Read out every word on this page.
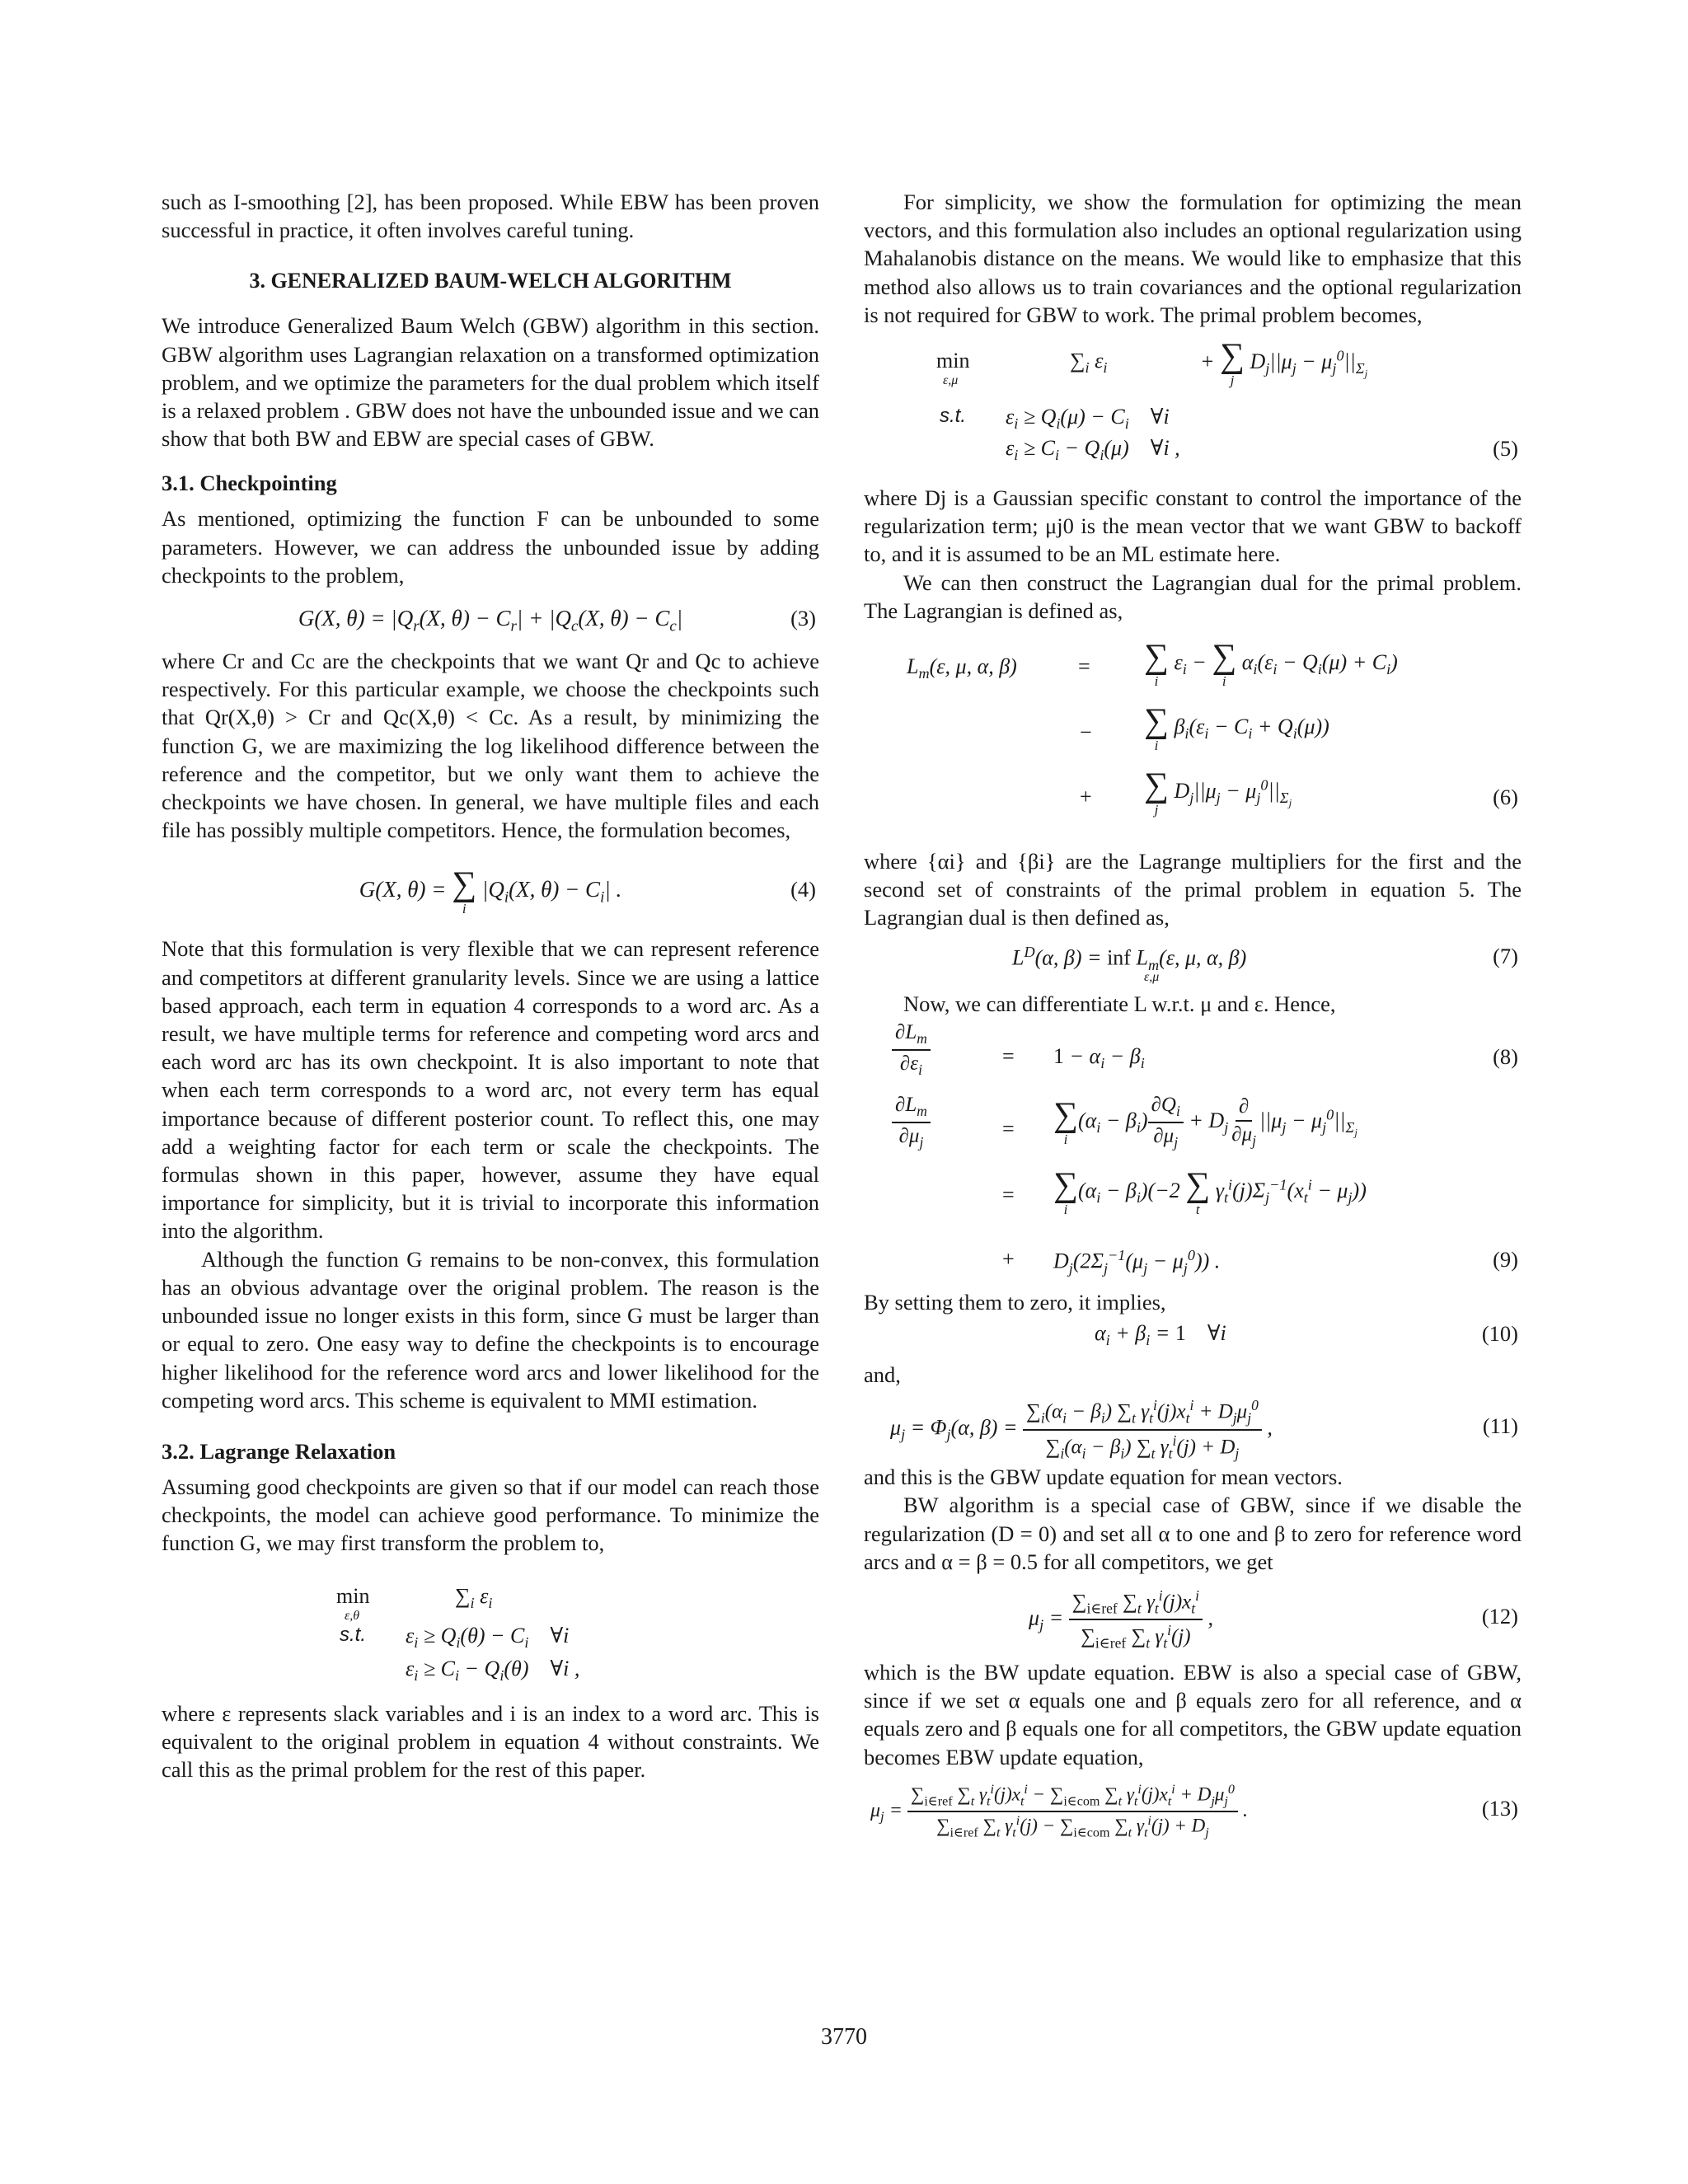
such as I-smoothing [2], has been proposed. While EBW has been proven successful in practice, it often involves careful tuning.

3. GENERALIZED BAUM-WELCH ALGORITHM

We introduce Generalized Baum Welch (GBW) algorithm in this section. GBW algorithm uses Lagrangian relaxation on a transformed optimization problem, and we optimize the parameters for the dual problem which itself is a relaxed problem . GBW does not have the unbounded issue and we can show that both BW and EBW are special cases of GBW.

3.1. Checkpointing

As mentioned, optimizing the function F can be unbounded to some parameters. However, we can address the unbounded issue by adding checkpoints to the problem,

G(X, $\theta) = |Q_r(X$, $\theta) - C_r| + |Q_c(X$, $\theta) - C_c|$	(3)

where Cr and Cc are the checkpoints that we want Qr and Qc to achieve respectively. For this particular example, we choose the checkpoints such that Qr(X,θ) > Cr and Qc(X,θ) < Cc. As a result, by minimizing the function G, we are maximizing the log likelihood difference between the reference and the competitor, but we only want them to achieve the checkpoints we have chosen. In general, we have multiple files and each file has possibly multiple competitors. Hence, the formulation becomes,

G(X, θ) = ∑
i
$|Q_i(X$, $\theta) - C_i|$ .	(4)

Note that this formulation is very flexible that we can represent reference and competitors at different granularity levels. Since we are using a lattice based approach, each term in equation 4 corresponds to a word arc. As a result, we have multiple terms for reference and competing word arcs and each word arc has its own checkpoint. It is also important to note that when each term corresponds to a word arc, not every term has equal importance because of different posterior count. To reflect this, one may add a weighting factor for each term or scale the checkpoints. The formulas shown in this paper, however, assume they have equal importance for simplicity, but it is trivial to incorporate this information into the algorithm.

Although the function G remains to be non-convex, this formulation has an obvious advantage over the original problem. The reason is the unbounded issue no longer exists in this form, since G must be larger than or equal to zero. One easy way to define the checkpoints is to encourage higher likelihood for the reference word arcs and lower likelihood for the competing word arcs. This scheme is equivalent to MMI estimation.

3.2. Lagrange Relaxation

Assuming good checkpoints are given so that if our model can reach those checkpoints, the model can achieve good performance. To minimize the function G, we may first transform the problem to,

min
ε,θ
$\sum_i$ $\varepsilon_i$
s.t. $\varepsilon_i \ge Q_i(\theta) - C_i$    ∀i
$\varepsilon_i \ge C_i - Q_i(\theta)$    ∀i ,

where ε represents slack variables and i is an index to a word arc. This is equivalent to the original problem in equation 4 without constraints. We call this as the primal problem for the rest of this paper.

For simplicity, we show the formulation for optimizing the mean vectors, and this formulation also includes an optional regularization using Mahalanobis distance on the means. We would like to emphasize that this method also allows us to train covariances and the optional regularization is not required for GBW to work. The primal problem becomes,

min
ε,μ
$\sum_i$ $\varepsilon_i$	+ ∑
j
$D_j||\mu_j - \mu_j^0||_{\Sigma_j}$
s.t. $\varepsilon_i \ge Q_i(\mu) - C_i$    ∀i
$\varepsilon_i \ge C_i - Q_i(\mu)$    ∀i ,	(5)

where Dj is a Gaussian specific constant to control the importance of the regularization term; μj0 is the mean vector that we want GBW to backoff to, and it is assumed to be an ML estimate here.

We can then construct the Lagrangian dual for the primal problem. The Lagrangian is defined as,

$L_m(\varepsilon$, μ, α, β)	= ∑
i
$\varepsilon_i$ − ∑
i
$\alpha_i(\varepsilon_i - Q_i(\mu) + C_i)$
− ∑
i
$\beta_i(\varepsilon_i - C_i + Q_i(\mu))$
+ ∑
j
$D_j||\mu_j - \mu_j^0||_{\Sigma_j}$	(6)

where {αi} and {βi} are the Lagrange multipliers for the first and the second set of constraints of the primal problem in equation 5. The Lagrangian dual is then defined as,

$L^D(\alpha$, β) = inf $L_m(\varepsilon$, μ, α, β)
ε,μ
(7)

Now, we can differentiate L w.r.t. μ and ε. Hence,

$\frac{\partial L_m}{\partial\varepsilon_i}$	= $1 - \alpha_i - \beta_i$	(8)
$\frac{\partial L_m}{\partial\mu_j}$	= ∑
i
$(\alpha_i - \beta_i) \frac{\partial Q_i}{\partial\mu_j} + D_j \frac{\partial}{\partial\mu_j} ||\mu_j - \mu_j^0||_{\Sigma_j}$
= ∑
i
$(\alpha_i - \beta_i)(-2$ ∑
t
$\gamma_t^i(j)\Sigma_j^{-1}(x_t^i - \mu_j)$)
+ $D_j(2\Sigma_j^{-1}(\mu_j - \mu_j^0))$ .	(9)

By setting them to zero, it implies,

$\alpha_i + \beta_i = 1$    ∀i	(10)

and,

$\mu_j = \Phi_j(\alpha$, $\beta) = \frac{\sum_i(\alpha_i - \beta_i) \sum_t \gamma_t^i(j)x_t^i + D_j\mu_j^0}{\sum_i(\alpha_i - \beta_i) \sum_t \gamma_t^i(j) + D_j}$ ,	(11)

and this is the GBW update equation for mean vectors.

BW algorithm is a special case of GBW, since if we disable the regularization (D = 0) and set all α to one and β to zero for reference word arcs and α = β = 0.5 for all competitors, we get

$\mu_j = \frac{\sum_{i\in ref} \sum_t \gamma_t^i(j)x_t^i}{\sum_{i\in ref} \sum_t \gamma_t^i(j)}$ ,	(12)

which is the BW update equation. EBW is also a special case of GBW, since if we set α equals one and β equals zero for all reference, and α equals zero and β equals one for all competitors, the GBW update equation becomes EBW update equation,

$\mu_j = \frac{\sum_{i\in ref} \sum_t \gamma_t^i(j)x_t^i - \sum_{i\in com} \sum_t \gamma_t^i(j)x_t^i + D_j\mu_j^0}{\sum_{i\in ref} \sum_t \gamma_t^i(j) - \sum_{i\in com} \sum_t \gamma_t^i(j) + D_j}$ .	(13)
3770
